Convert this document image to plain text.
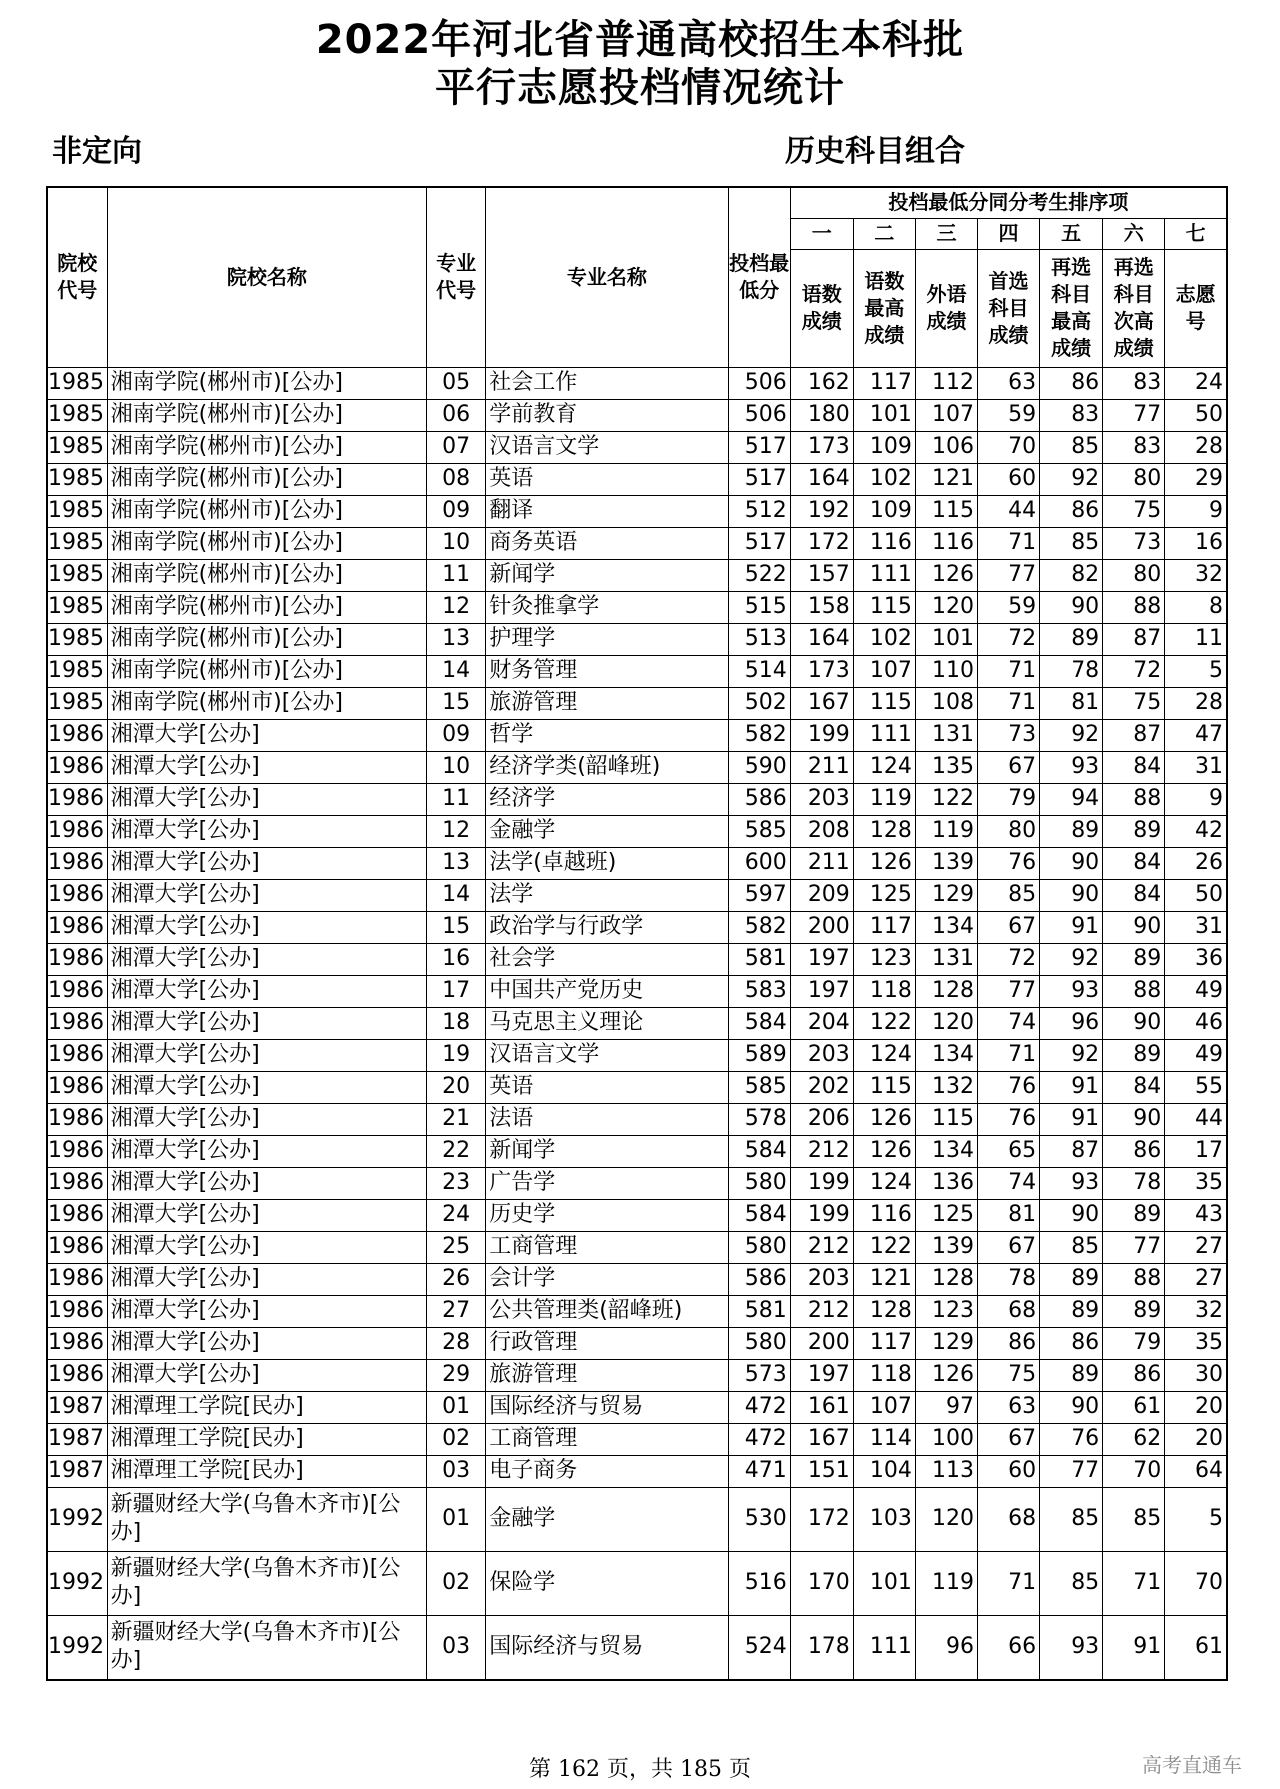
2022年河北省普通高校招生本科批
平行志愿投档情况统计
非定向	历史科目组合
院校代号	院校名称	专业代号	专业名称	投档最低分	投档最低分同分考生排序项						
					一	二	三	四	五	六	七
					语数成绩	语数最高成绩	外语成绩	首选科目成绩	再选科目最高成绩	再选科目次高成绩	志愿号
1985	湘南学院(郴州市)[公办]	05	社会工作	506	162	117	112	63	86	83	24
1985	湘南学院(郴州市)[公办]	06	学前教育	506	180	101	107	59	83	77	50
1985	湘南学院(郴州市)[公办]	07	汉语言文学	517	173	109	106	70	85	83	28
1985	湘南学院(郴州市)[公办]	08	英语	517	164	102	121	60	92	80	29
1985	湘南学院(郴州市)[公办]	09	翻译	512	192	109	115	44	86	75	9
1985	湘南学院(郴州市)[公办]	10	商务英语	517	172	116	116	71	85	73	16
1985	湘南学院(郴州市)[公办]	11	新闻学	522	157	111	126	77	82	80	32
1985	湘南学院(郴州市)[公办]	12	针灸推拿学	515	158	115	120	59	90	88	8
1985	湘南学院(郴州市)[公办]	13	护理学	513	164	102	101	72	89	87	11
1985	湘南学院(郴州市)[公办]	14	财务管理	514	173	107	110	71	78	72	5
1985	湘南学院(郴州市)[公办]	15	旅游管理	502	167	115	108	71	81	75	28
1986	湘潭大学[公办]	09	哲学	582	199	111	131	73	92	87	47
1986	湘潭大学[公办]	10	经济学类(韶峰班)	590	211	124	135	67	93	84	31
1986	湘潭大学[公办]	11	经济学	586	203	119	122	79	94	88	9
1986	湘潭大学[公办]	12	金融学	585	208	128	119	80	89	89	42
1986	湘潭大学[公办]	13	法学(卓越班)	600	211	126	139	76	90	84	26
1986	湘潭大学[公办]	14	法学	597	209	125	129	85	90	84	50
1986	湘潭大学[公办]	15	政治学与行政学	582	200	117	134	67	91	90	31
1986	湘潭大学[公办]	16	社会学	581	197	123	131	72	92	89	36
1986	湘潭大学[公办]	17	中国共产党历史	583	197	118	128	77	93	88	49
1986	湘潭大学[公办]	18	马克思主义理论	584	204	122	120	74	96	90	46
1986	湘潭大学[公办]	19	汉语言文学	589	203	124	134	71	92	89	49
1986	湘潭大学[公办]	20	英语	585	202	115	132	76	91	84	55
1986	湘潭大学[公办]	21	法语	578	206	126	115	76	91	90	44
1986	湘潭大学[公办]	22	新闻学	584	212	126	134	65	87	86	17
1986	湘潭大学[公办]	23	广告学	580	199	124	136	74	93	78	35
1986	湘潭大学[公办]	24	历史学	584	199	116	125	81	90	89	43
1986	湘潭大学[公办]	25	工商管理	580	212	122	139	67	85	77	27
1986	湘潭大学[公办]	26	会计学	586	203	121	128	78	89	88	27
1986	湘潭大学[公办]	27	公共管理类(韶峰班)	581	212	128	123	68	89	89	32
1986	湘潭大学[公办]	28	行政管理	580	200	117	129	86	86	79	35
1986	湘潭大学[公办]	29	旅游管理	573	197	118	126	75	89	86	30
1987	湘潭理工学院[民办]	01	国际经济与贸易	472	161	107	97	63	90	61	20
1987	湘潭理工学院[民办]	02	工商管理	472	167	114	100	67	76	62	20
1987	湘潭理工学院[民办]	03	电子商务	471	151	104	113	60	77	70	64
1992	新疆财经大学(乌鲁木齐市)[公办]	01	金融学	530	172	103	120	68	85	85	5
1992	新疆财经大学(乌鲁木齐市)[公办]	02	保险学	516	170	101	119	71	85	71	70
1992	新疆财经大学(乌鲁木齐市)[公办]	03	国际经济与贸易	524	178	111	96	66	93	91	61
第 162 页，共 185 页	高考直通车
